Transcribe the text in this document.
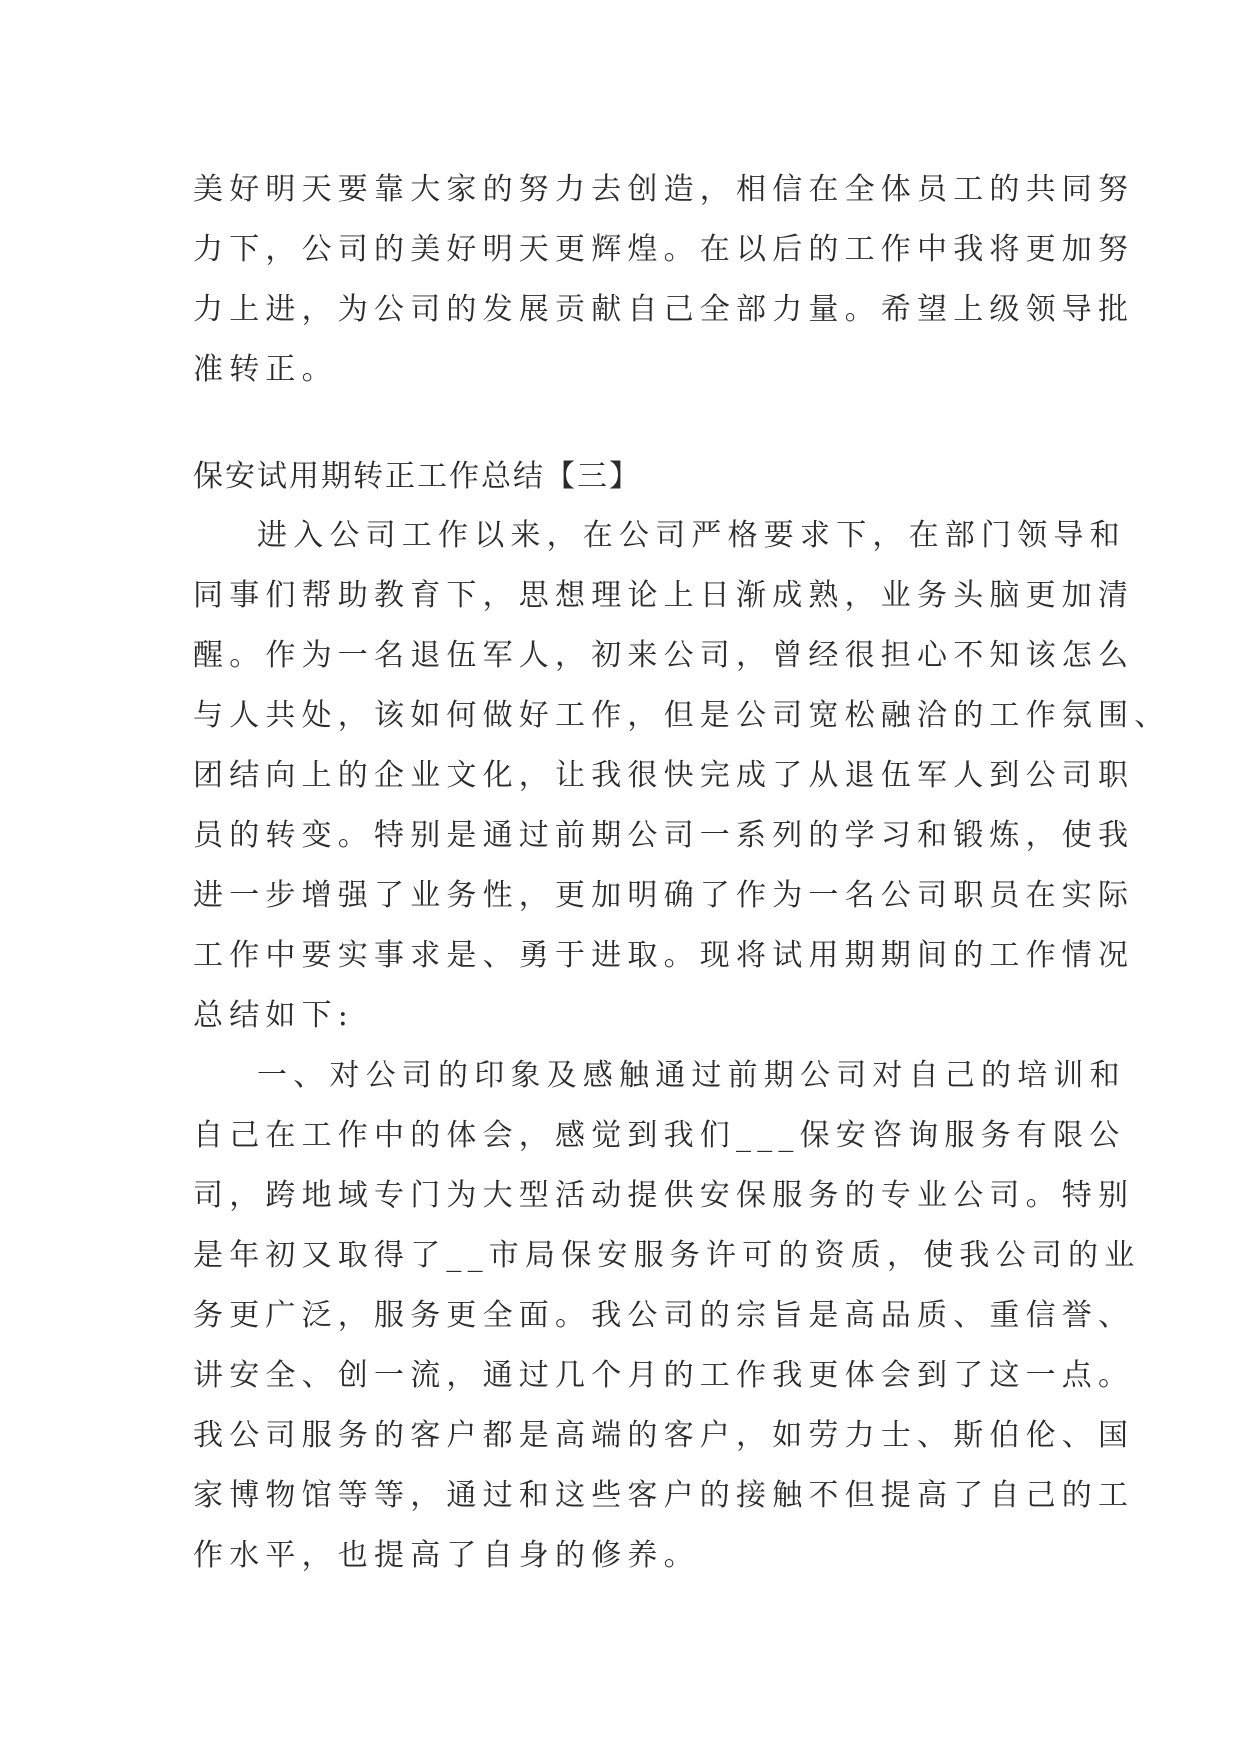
美好明天要靠大家的努力去创造，相信在全体员工的共同努
力下，公司的美好明天更辉煌。在以后的工作中我将更加努
力上进，为公司的发展贡献自己全部力量。希望上级领导批
准转正。
保安试用期转正工作总结【三】
进入公司工作以来，在公司严格要求下，在部门领导和
同事们帮助教育下，思想理论上日渐成熟，业务头脑更加清
醒。作为一名退伍军人，初来公司，曾经很担心不知该怎么
与人共处，该如何做好工作，但是公司宽松融洽的工作氛围、
团结向上的企业文化，让我很快完成了从退伍军人到公司职
员的转变。特别是通过前期公司一系列的学习和锻炼，使我
进一步增强了业务性，更加明确了作为一名公司职员在实际
工作中要实事求是、勇于进取。现将试用期期间的工作情况
总结如下:
一、对公司的印象及感触通过前期公司对自己的培训和
自己在工作中的体会，感觉到我们___保安咨询服务有限公
司，跨地域专门为大型活动提供安保服务的专业公司。特别
是年初又取得了__市局保安服务许可的资质，使我公司的业
务更广泛，服务更全面。我公司的宗旨是高品质、重信誉、
讲安全、创一流，通过几个月的工作我更体会到了这一点。
我公司服务的客户都是高端的客户，如劳力士、斯伯伦、国
家博物馆等等，通过和这些客户的接触不但提高了自己的工
作水平，也提高了自身的修养。
